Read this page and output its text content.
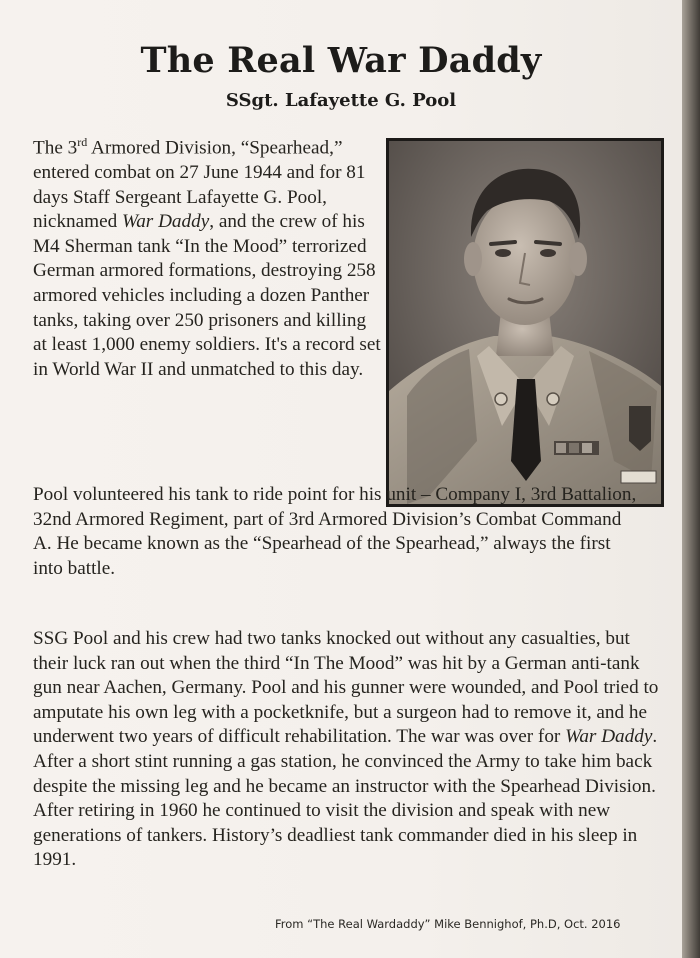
The Real War Daddy
SSgt. Lafayette G. Pool

The 3rd Armored Division, “Spearhead,” entered combat on 27 June 1944 and for 81 days Staff Sergeant Lafayette G. Pool, nicknamed War Daddy, and the crew of his M4 Sherman tank “In the Mood” terrorized German armored formations, destroying 258 armored vehicles including a dozen Panther tanks, taking over 250 prisoners and killing at least 1,000 enemy soldiers. It's a record set in World War II and unmatched to this day.

Pool volunteered his tank to ride point for his unit – Company I, 3rd Battalion, 32nd Armored Regiment, part of 3rd Armored Division’s Combat Command A. He became known as the “Spearhead of the Spearhead,” always the first into battle.

SSG Pool and his crew had two tanks knocked out without any casualties, but their luck ran out when the third “In The Mood” was hit by a German anti-tank gun near Aachen, Germany. Pool and his gunner were wounded, and Pool tried to amputate his own leg with a pocketknife, but a surgeon had to remove it, and he underwent two years of difficult rehabilitation. The war was over for War Daddy. After a short stint running a gas station, he convinced the Army to take him back despite the missing leg and he became an instructor with the Spearhead Division. After retiring in 1960 he continued to visit the division and speak with new generations of tankers. History’s deadliest tank commander died in his sleep in 1991.

From “The Real Wardaddy” Mike Bennighof, Ph.D, Oct. 2016
